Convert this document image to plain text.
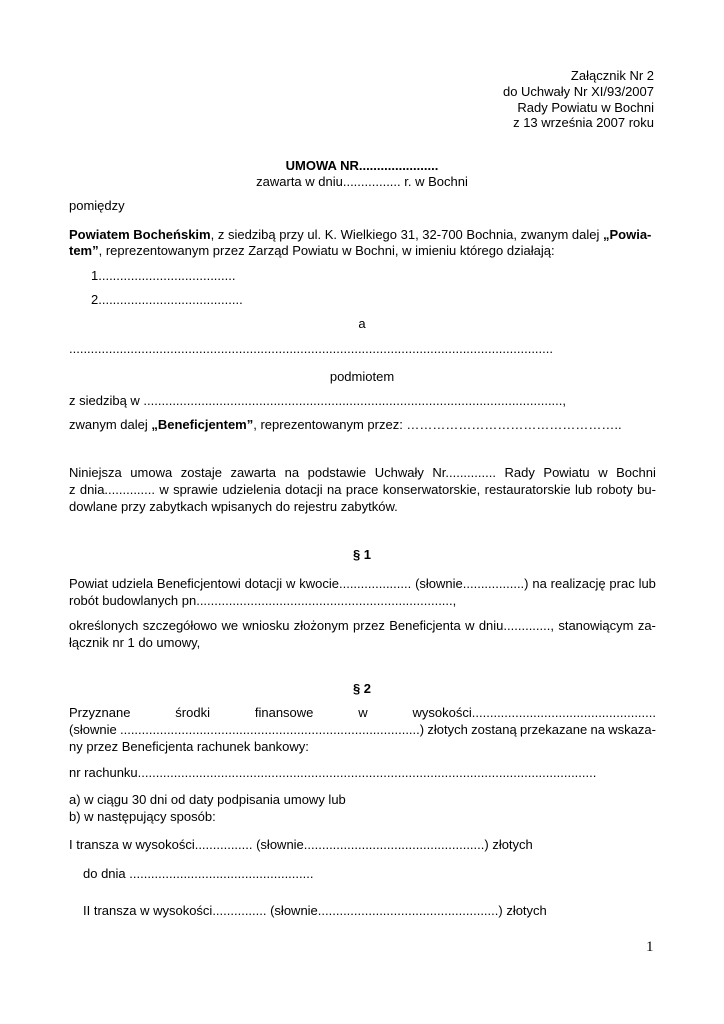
Załącznik Nr 2
do Uchwały Nr XI/93/2007
Rady Powiatu w Bochni
z 13 września 2007 roku
UMOWA NR......................
zawarta w dniu................ r. w Bochni
pomiędzy
Powiatem Bocheńskim, z siedzibą przy ul. K. Wielkiego 31, 32-700 Bochnia, zwanym dalej „Powia-
tem”, reprezentowanym przez Zarząd Powiatu w Bochni, w imieniu którego działają:
1......................................
2........................................
a
......................................................................................................................................
podmiotem
z siedzibą w ....................................................................................................................,
zwanym dalej „Beneficjentem”, reprezentowanym przez: …………………………………………..
Niniejsza umowa zostaje zawarta na podstawie Uchwały Nr.............. Rady Powiatu w Bochni
z dnia.............. w sprawie udzielenia dotacji na prace konserwatorskie, restauratorskie lub roboty bu-
dowlane przy zabytkach wpisanych do rejestru zabytków.
§ 1
Powiat udziela Beneficjentowi dotacji w kwocie.................... (słownie.................) na realizację prac lub
robót budowlanych pn.......................................................................,
określonych szczegółowo we wniosku złożonym przez Beneficjenta w dniu............., stanowiącym za-
łącznik nr 1 do umowy,
§ 2
Przyznane	środki	finansowe	w	wysokości...................................................
(słownie ...................................................................................) złotych zostaną przekazane na wskaza-
ny przez Beneficjenta rachunek bankowy:
nr rachunku...............................................................................................................................
a) w ciągu 30 dni od daty podpisania umowy lub
b) w następujący sposób:
I transza w wysokości................ (słownie..................................................) złotych
do dnia ...................................................
II transza w wysokości............... (słownie..................................................) złotych
1
